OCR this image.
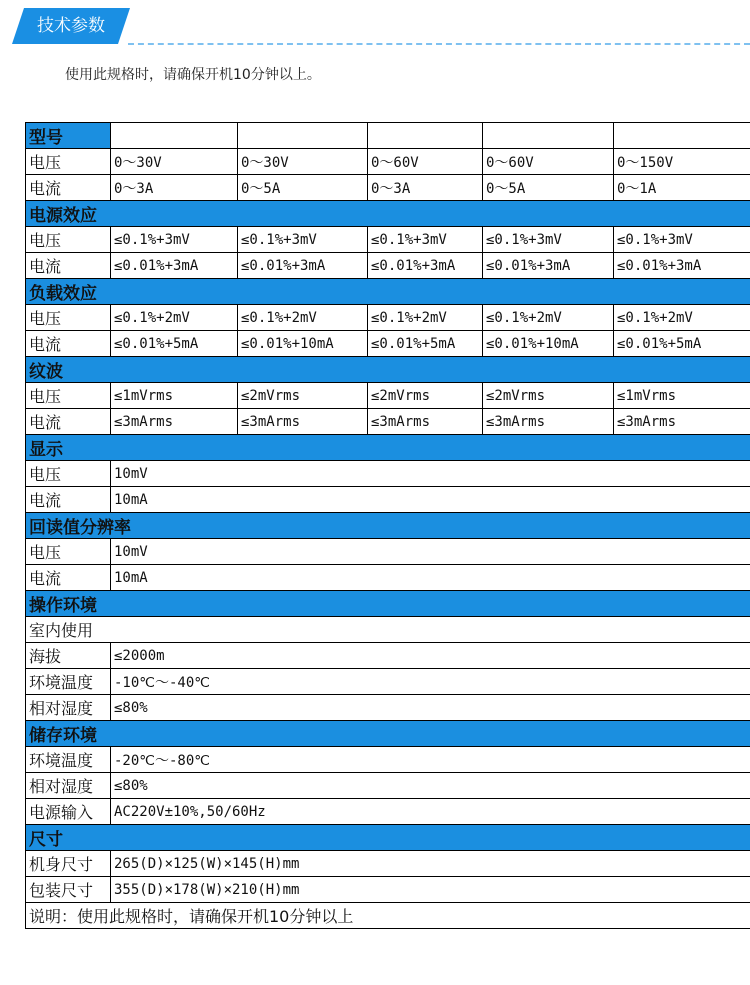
技术参数
使用此规格时，请确保开机10分钟以上。
型号					
电压	0～30V	0～30V	0～60V	0～60V	0～150V
电流	0～3A	0～5A	0～3A	0～5A	0～1A
电源效应					
电压	≤0.1%+3mV	≤0.1%+3mV	≤0.1%+3mV	≤0.1%+3mV	≤0.1%+3mV
电流	≤0.01%+3mA	≤0.01%+3mA	≤0.01%+3mA	≤0.01%+3mA	≤0.01%+3mA
负载效应					
电压	≤0.1%+2mV	≤0.1%+2mV	≤0.1%+2mV	≤0.1%+2mV	≤0.1%+2mV
电流	≤0.01%+5mA	≤0.01%+10mA	≤0.01%+5mA	≤0.01%+10mA	≤0.01%+5mA
纹波					
电压	≤1mVrms	≤2mVrms	≤2mVrms	≤2mVrms	≤1mVrms
电流	≤3mArms	≤3mArms	≤3mArms	≤3mArms	≤3mArms
显示					
电压	10mV				
电流	10mA				
回读值分辨率					
电压	10mV				
电流	10mA				
操作环境					
室内使用					
海拔	≤2000m				
环境温度	-10℃～-40℃				
相对湿度	≤80%				
储存环境					
环境温度	-20℃～-80℃				
相对湿度	≤80%				
电源输入	AC220V±10%,50/60Hz				
尺寸					
机身尺寸	265(D)×125(W)×145(H)mm				
包装尺寸	355(D)×178(W)×210(H)mm				
说明：使用此规格时，请确保开机10分钟以上					
